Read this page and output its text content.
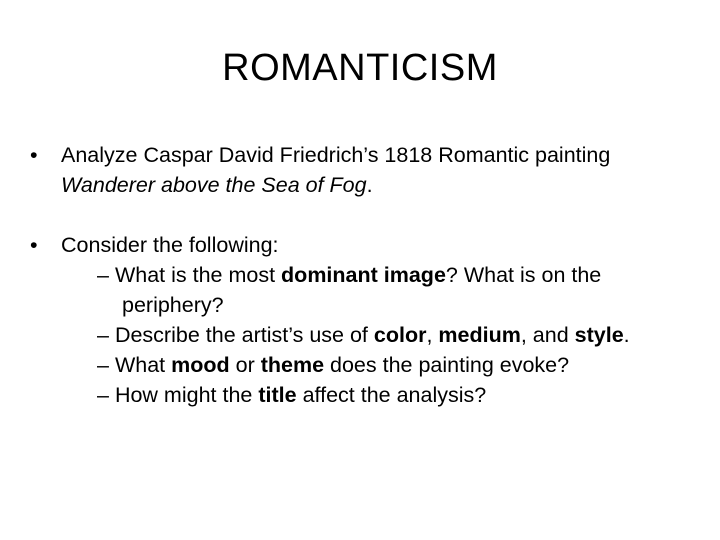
ROMANTICISM
• Analyze Caspar David Friedrich’s 1818 Romantic painting Wanderer above the Sea of Fog.
• Consider the following:
– What is the most dominant image? What is on the periphery?
– Describe the artist’s use of color, medium, and style.
– What mood or theme does the painting evoke?
– How might the title affect the analysis?
